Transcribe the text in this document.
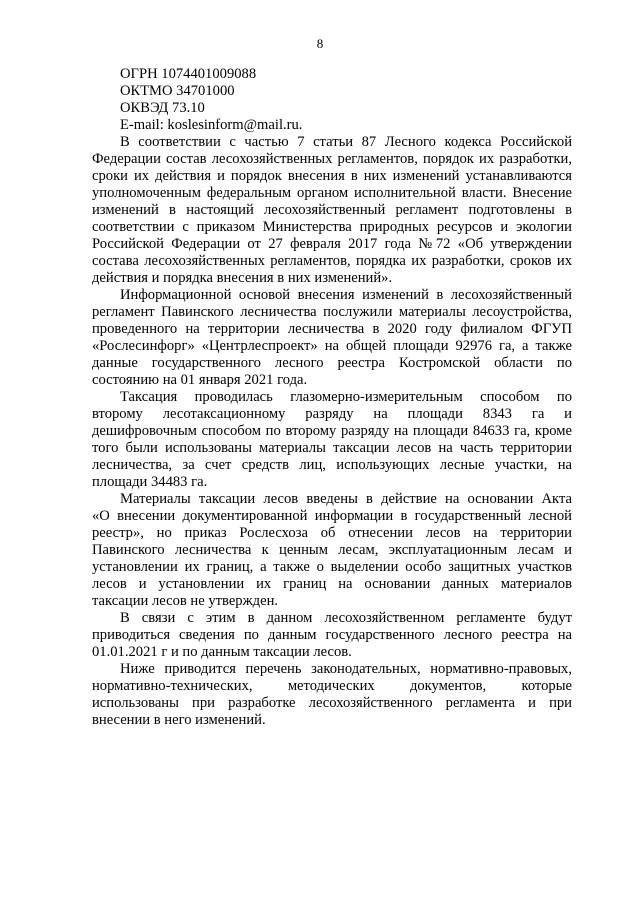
8
ОГРН 1074401009088
ОКТМО 34701000
ОКВЭД 73.10
E-mail: koslesinform@mail.ru.
В соответствии с частью 7 статьи 87 Лесного кодекса Российской
Федерации состав лесохозяйственных регламентов, порядок их разработки,
сроки их действия и порядок внесения в них изменений устанавливаются
уполномоченным федеральным органом исполнительной власти. Внесение
изменений в настоящий лесохозяйственный регламент подготовлены в
соответствии с приказом Министерства природных ресурсов и экологии
Российской Федерации от 27 февраля 2017 года №72 «Об утверждении
состава лесохозяйственных регламентов, порядка их разработки, сроков их
действия и порядка внесения в них изменений».
Информационной основой внесения изменений в лесохозяйственный
регламент Павинского лесничества послужили материалы лесоустройства,
проведенного на территории лесничества в 2020 году филиалом ФГУП
«Рослесинфорг» «Центрлеспроект» на общей площади 92976 га, а также
данные государственного лесного реестра Костромской области по
состоянию на 01 января 2021 года.
Таксация проводилась глазомерно-измерительным способом по
второму лесотаксационному разряду на площади 8343 га и
дешифровочным способом по второму разряду на площади 84633 га, кроме
того были использованы материалы таксации лесов на часть территории
лесничества, за счет средств лиц, использующих лесные участки, на
площади 34483 га.
Материалы таксации лесов введены в действие на основании Акта
«О внесении документированной информации в государственный лесной
реестр», но приказ Рослесхоза об отнесении лесов на территории
Павинского лесничества к ценным лесам, эксплуатационным лесам и
установлении их границ, а также о выделении особо защитных участков
лесов и установлении их границ на основании данных материалов
таксации лесов не утвержден.
В связи с этим в данном лесохозяйственном регламенте будут
приводиться сведения по данным государственного лесного реестра на
01.01.2021 г и по данным таксации лесов.
Ниже приводится перечень законодательных, нормативно-правовых,
нормативно-технических, методических документов, которые
использованы при разработке лесохозяйственного регламента и при
внесении в него изменений.
